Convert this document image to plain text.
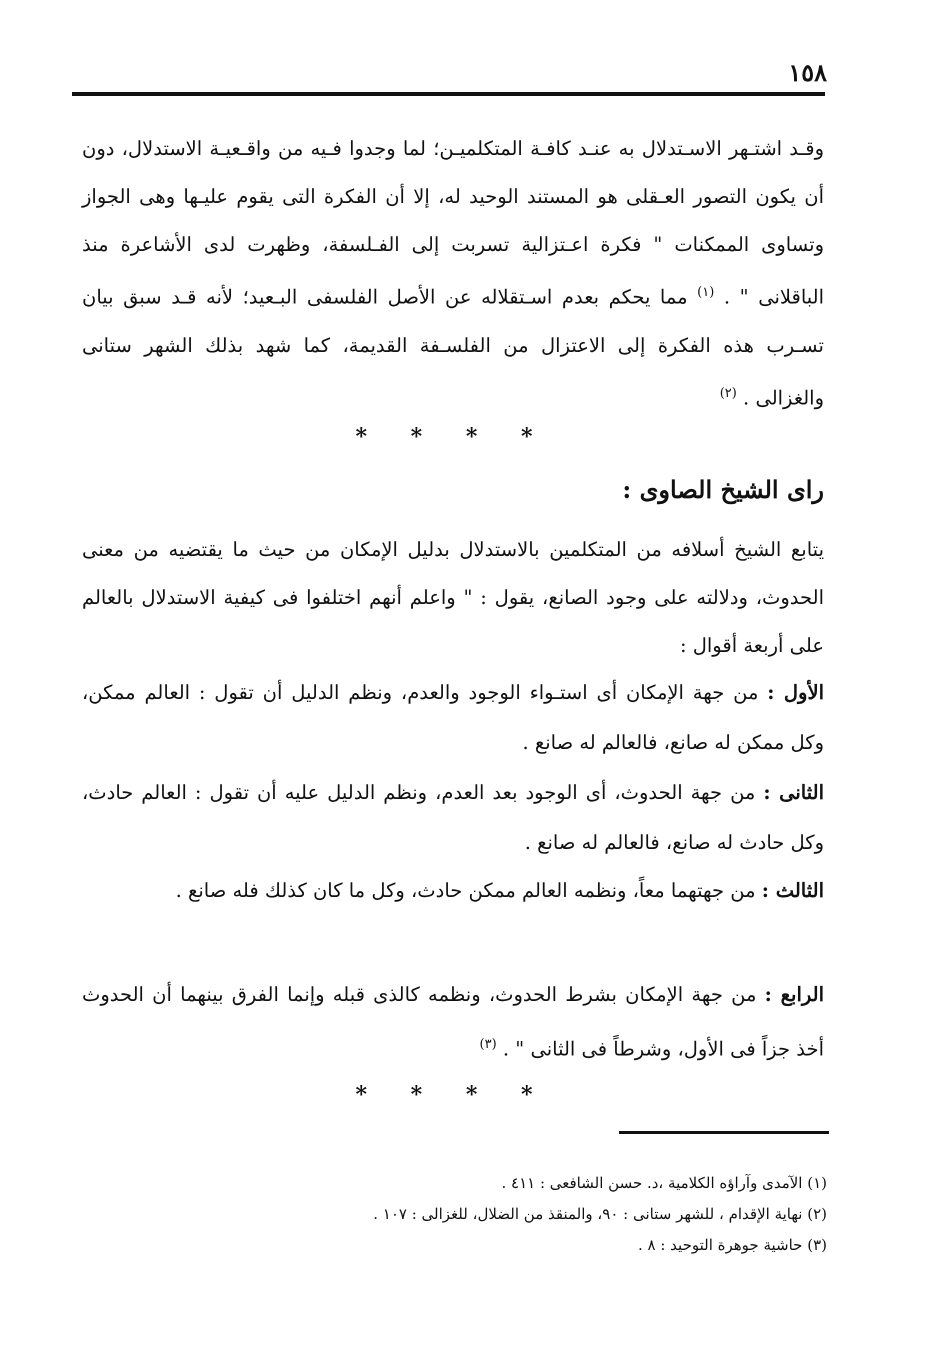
١٥٨
وقـد اشتـهر الاسـتدلال به عنـد كافـة المتكلميـن؛ لما وجدوا فـيه من واقـعيـة الاستدلال، دون أن يكون التصور العـقلى هو المستند الوحيد له، إلا أن الفكرة التى يقوم عليـها وهى الجواز وتساوى الممكنات " فكرة اعـتزالية تسربت إلى الفـلسفة، وظهرت لدى الأشاعرة منذ الباقلانى " . $^{(١)}$ مما يحكم بعدم اسـتقلاله عن الأصل الفلسفى البـعيد؛ لأنه قـد سبق بيان تسـرب هذه الفكرة إلى الاعتزال من الفلسـفة القديمة، كما شهد بذلك الشهر ستانى والغزالى . $^{(٢)}$
* * * *
راى الشيخ الصاوى :
يتابع الشيخ أسلافه من المتكلمين بالاستدلال بدليل الإمكان من حيث ما يقتضيه من معنى الحدوث، ودلالته على وجود الصانع، يقول : " واعلم أنهم اختلفوا فى كيفية الاستدلال بالعالم على أربعة أقوال :
الأول : من جهة الإمكان أى استـواء الوجود والعدم، ونظم الدليل أن تقول : العالم ممكن، وكل ممكن له صانع، فالعالم له صانع .
الثانى : من جهة الحدوث، أى الوجود بعد العدم، ونظم الدليل عليه أن تقول : العالم حادث، وكل حادث له صانع، فالعالم له صانع .
الثالث : من جهتهما معاً، ونظمه العالم ممكن حادث، وكل ما كان كذلك فله صانع .
الرابع : من جهة الإمكان بشرط الحدوث، ونظمه كالذى قبله وإنما الفرق بينهما أن الحدوث أخذ جزاً فى الأول، وشرطاً فى الثانى " . $^{(٣)}$
* * * *
(١) الآمدى وآراؤه الكلامية ،د. حسن الشافعى : ٤١١ .
(٢) نهاية الإقدام ، للشهر ستانى : ٩٠، والمنقذ من الضلال، للغزالى : ١٠٧ .
(٣) حاشية جوهرة التوحيد : ٨ .
